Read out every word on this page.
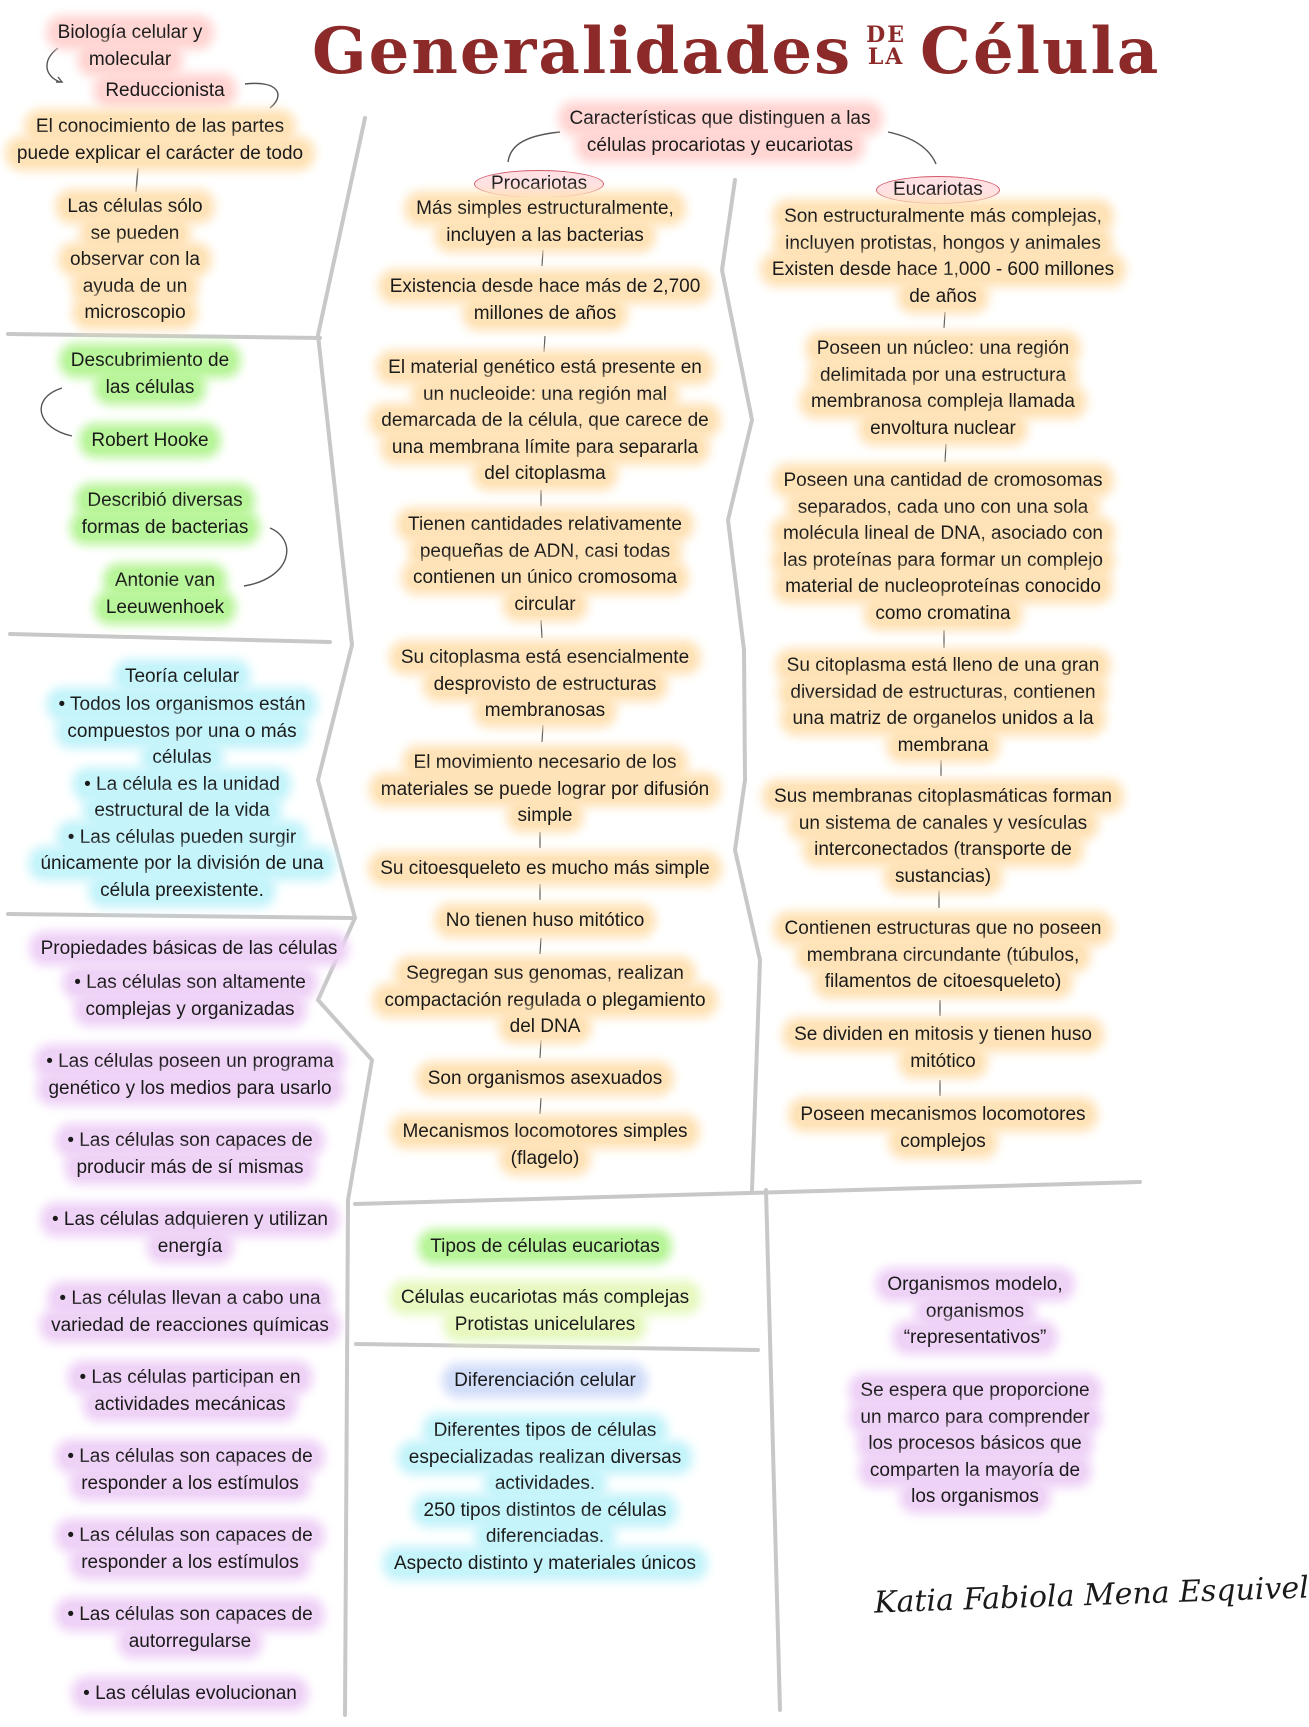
Generalidades DE
LA Célula
Biología celular y
molecular
Reduccionista
El conocimiento de las partes
puede explicar el carácter de todo
Las células sólo
se pueden
observar con la
ayuda de un
microscopio
Descubrimiento de
las células
Robert Hooke
Describió diversas
formas de bacterias
Antonie van
Leeuwenhoek
Teoría celular
• Todos los organismos están
compuestos por una o más
células
• La célula es la unidad
estructural de la vida
• Las células pueden surgir
únicamente por la división de una
célula preexistente.
Propiedades básicas de las células
• Las células son altamente
complejas y organizadas
• Las células poseen un programa
genético y los medios para usarlo
• Las células son capaces de
producir más de sí mismas
• Las células adquieren y utilizan
energía
• Las células llevan a cabo una
variedad de reacciones químicas
• Las células participan en
actividades mecánicas
• Las células son capaces de
responder a los estímulos
• Las células son capaces de
responder a los estímulos
• Las células son capaces de
autorregularse
• Las células evolucionan
Características que distinguen a las
células procariotas y eucariotas
Procariotas
Más simples estructuralmente,
incluyen a las bacterias
Existencia desde hace más de 2,700
millones de años
El material genético está presente en
un nucleoide: una región mal
demarcada de la célula, que carece de
una membrana límite para separarla
del citoplasma
Tienen cantidades relativamente
pequeñas de ADN, casi todas
contienen un único cromosoma
circular
Su citoplasma está esencialmente
desprovisto de estructuras
membranosas
El movimiento necesario de los
materiales se puede lograr por difusión
simple
Su citoesqueleto es mucho más simple
No tienen huso mitótico
Segregan sus genomas, realizan
compactación regulada o plegamiento
del DNA
Son organismos asexuados
Mecanismos locomotores simples
(flagelo)
Eucariotas
Son estructuralmente más complejas,
incluyen protistas, hongos y animales
Existen desde hace 1,000 - 600 millones
de años
Poseen un núcleo: una región
delimitada por una estructura
membranosa compleja llamada
envoltura nuclear
Poseen una cantidad de cromosomas
separados, cada uno con una sola
molécula lineal de DNA, asociado con
las proteínas para formar un complejo
material de nucleoproteínas conocido
como cromatina
Su citoplasma está lleno de una gran
diversidad de estructuras, contienen
una matriz de organelos unidos a la
membrana
Sus membranas citoplasmáticas forman
un sistema de canales y vesículas
interconectados (transporte de
sustancias)
Contienen estructuras que no poseen
membrana circundante (túbulos,
filamentos de citoesqueleto)
Se dividen en mitosis y tienen huso
mitótico
Poseen mecanismos locomotores
complejos
Tipos de células eucariotas
Células eucariotas más complejas
Protistas unicelulares
Diferenciación celular
Diferentes tipos de células
especializadas realizan diversas
actividades.
250 tipos distintos de células
diferenciadas.
Aspecto distinto y materiales únicos
Organismos modelo,
organismos
“representativos”
Se espera que proporcione
un marco para comprender
los procesos básicos que
comparten la mayoría de
los organismos
Katia Fabiola Mena Esquivel
